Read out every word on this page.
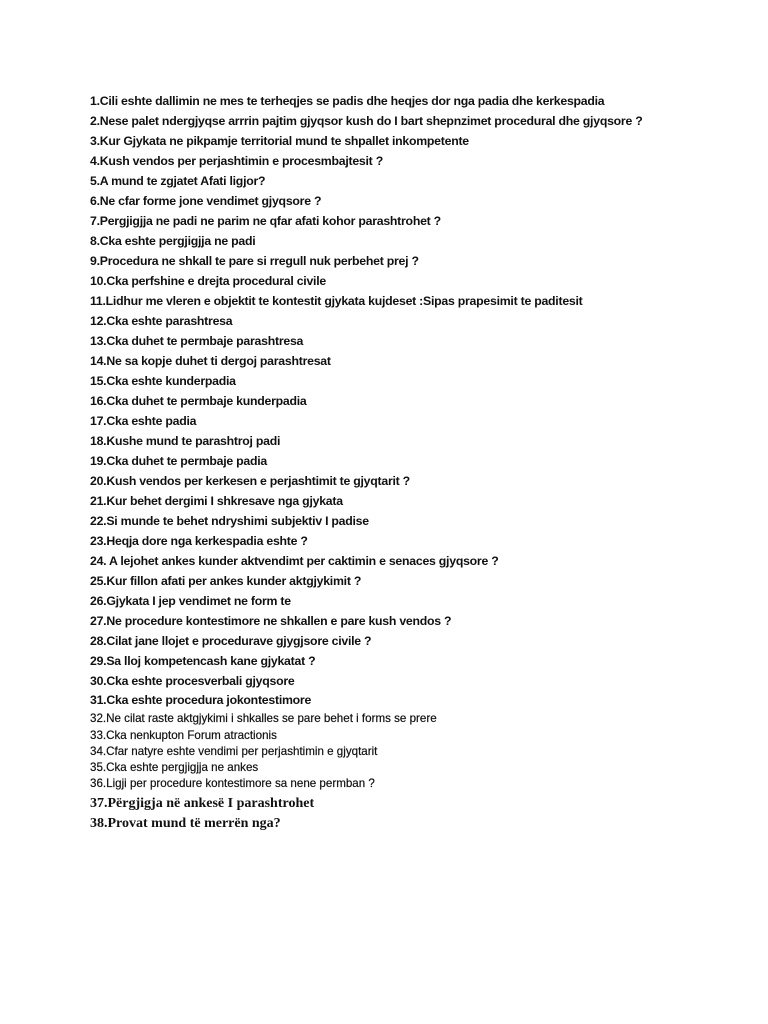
1.Cili eshte dallimin ne mes te terheqjes se padis dhe heqjes dor nga padia dhe kerkespadia
2.Nese palet ndergjyqse arrrin pajtim gjyqsor kush do I bart shepnzimet procedural dhe gjyqsore ?
3.Kur Gjykata ne pikpamje territorial mund te shpallet inkompetente
4.Kush vendos per perjashtimin e procesmbajtesit ?
5.A mund te zgjatet Afati ligjor?
6.Ne cfar forme jone vendimet gjyqsore ?
7.Pergjigjja ne padi ne parim ne qfar afati kohor parashtrohet ?
8.Cka eshte pergjigjja ne padi
9.Procedura ne shkall te pare si rregull nuk perbehet prej ?
10.Cka perfshine e drejta procedural civile
11.Lidhur me vleren e objektit te kontestit gjykata kujdeset :Sipas prapesimit te paditesit
12.Cka eshte parashtresa
13.Cka duhet te permbaje parashtresa
14.Ne sa kopje duhet ti dergoj parashtresat
15.Cka eshte kunderpadia
16.Cka duhet te permbaje kunderpadia
17.Cka eshte padia
18.Kushe mund te parashtroj padi
19.Cka duhet te permbaje padia
20.Kush vendos per kerkesen e perjashtimit te gjyqtarit ?
21.Kur behet dergimi I shkresave nga gjykata
22.Si munde te behet ndryshimi subjektiv I padise
23.Heqja dore nga kerkespadia eshte ?
24. A lejohet ankes kunder aktvendimt per caktimin e senaces gjyqsore ?
25.Kur fillon afati per ankes kunder aktgjykimit ?
26.Gjykata I jep vendimet ne form te
27.Ne procedure kontestimore ne shkallen e pare kush vendos ?
28.Cilat jane llojet e procedurave gjygjsore civile ?
29.Sa lloj kompetencash kane gjykatat ?
30.Cka eshte procesverbali gjyqsore
31.Cka eshte procedura jokontestimore
32.Ne cilat raste aktgjykimi i shkalles se pare behet i forms se prere
33.Cka nenkupton Forum atractionis
34.Cfar natyre eshte vendimi per perjashtimin e gjyqtarit
35.Cka eshte pergjigjja ne ankes
36.Ligji per procedure kontestimore sa nene permban ?
37.Përgjigja në ankesë I parashtrohet
38.Provat mund të merrën nga?
